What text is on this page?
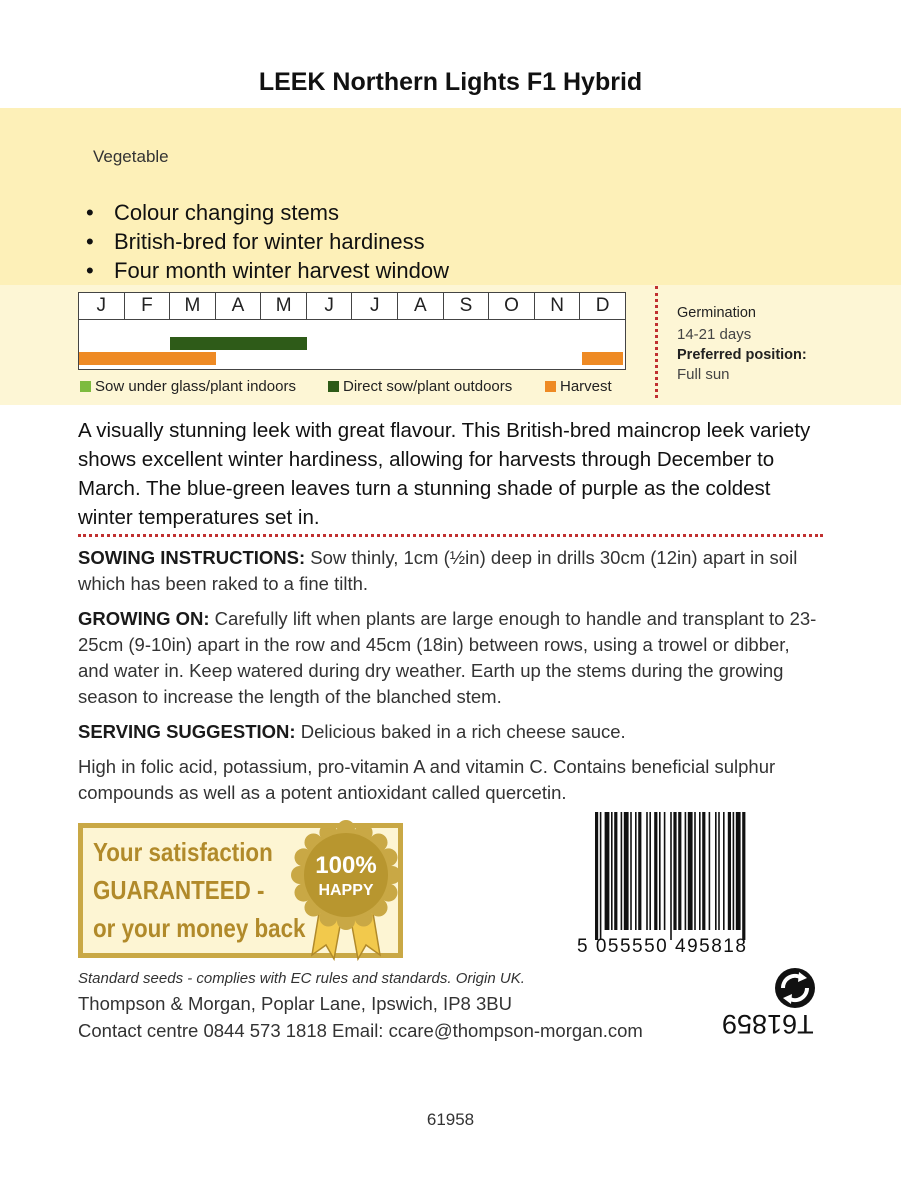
LEEK Northern Lights F1 Hybrid
Vegetable
• Colour changing stems
• British-bred for winter hardiness
• Four month winter harvest window
J	F	M	A	M	J	J	A	S	O	N	D
Sow under glass/plant indoors	Direct sow/plant outdoors	Harvest
Germination
14-21 days
Preferred position:
Full sun

A visually stunning leek with great flavour. This British-bred maincrop leek variety shows excellent winter hardiness, allowing for harvests through December to March. The blue-green leaves turn a stunning shade of purple as the coldest winter temperatures set in.

SOWING INSTRUCTIONS: Sow thinly, 1cm (½in) deep in drills 30cm (12in) apart in soil which has been raked to a fine tilth.

GROWING ON: Carefully lift when plants are large enough to handle and transplant to 23-25cm (9-10in) apart in the row and 45cm (18in) between rows, using a trowel or dibber, and water in. Keep watered during dry weather. Earth up the stems during the growing season to increase the length of the blanched stem.

SERVING SUGGESTION: Delicious baked in a rich cheese sauce.

High in folic acid, potassium, pro-vitamin A and vitamin C. Contains beneficial sulphur compounds as well as a potent antioxidant called quercetin.

Your satisfaction
GUARANTEED -
or your money back
100%
HAPPY
5 055550 495818
T61859
Standard seeds - complies with EC rules and standards. Origin UK.
Thompson & Morgan, Poplar Lane, Ipswich, IP8 3BU
Contact centre 0844 573 1818 Email: ccare@thompson-morgan.com
61958
